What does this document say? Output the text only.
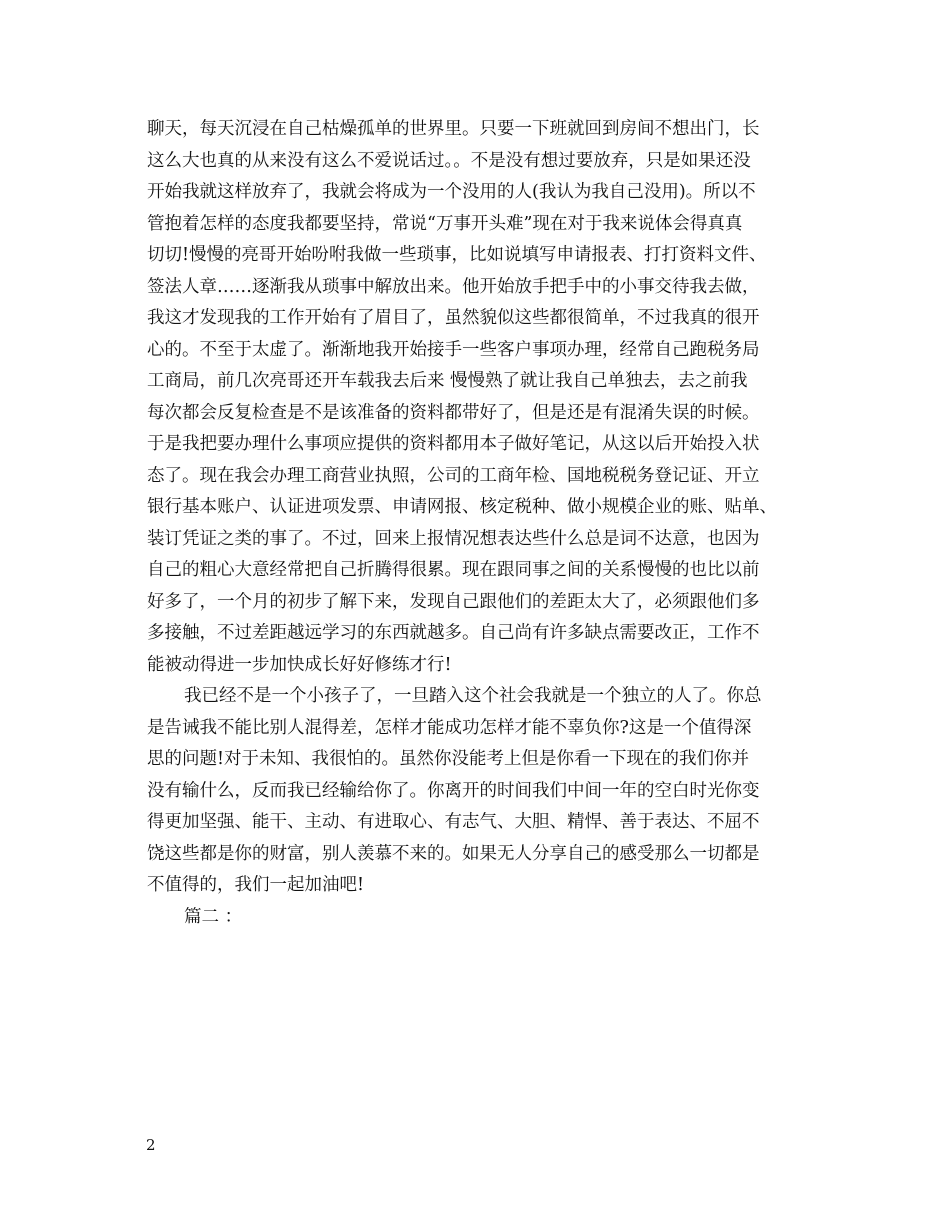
聊天，每天沉浸在自己枯燥孤单的世界里。只要一下班就回到房间不想出门，长
这么大也真的从来没有这么不爱说话过。。不是没有想过要放弃，只是如果还没
开始我就这样放弃了，我就会将成为一个没用的人(我认为我自己没用)。所以不
管抱着怎样的态度我都要坚持，常说“万事开头难”现在对于我来说体会得真真
切切!慢慢的亮哥开始吩咐我做一些琐事，比如说填写申请报表、打打资料文件、
签法人章……逐渐我从琐事中解放出来。他开始放手把手中的小事交待我去做，
我这才发现我的工作开始有了眉目了，虽然貌似这些都很简单，不过我真的很开
心的。不至于太虚了。渐渐地我开始接手一些客户事项办理，经常自己跑税务局
工商局，前几次亮哥还开车载我去后来 慢慢熟了就让我自己单独去，去之前我
每次都会反复检查是不是该准备的资料都带好了，但是还是有混淆失误的时候。
于是我把要办理什么事项应提供的资料都用本子做好笔记，从这以后开始投入状
态了。现在我会办理工商营业执照，公司的工商年检、国地税税务登记证、开立
银行基本账户、认证进项发票、申请网报、核定税种、做小规模企业的账、贴单、
装订凭证之类的事了。不过，回来上报情况想表达些什么总是词不达意，也因为
自己的粗心大意经常把自己折腾得很累。现在跟同事之间的关系慢慢的也比以前
好多了，一个月的初步了解下来，发现自己跟他们的差距太大了，必须跟他们多
多接触，不过差距越远学习的东西就越多。自己尚有许多缺点需要改正，工作不
能被动得进一步加快成长好好修练才行!
我已经不是一个小孩子了，一旦踏入这个社会我就是一个独立的人了。你总
是告诫我不能比别人混得差，怎样才能成功怎样才能不辜负你?这是一个值得深
思的问题!对于未知、我很怕的。虽然你没能考上但是你看一下现在的我们你并
没有输什么，反而我已经输给你了。你离开的时间我们中间一年的空白时光你变
得更加坚强、能干、主动、有进取心、有志气、大胆、精悍、善于表达、不屈不
饶这些都是你的财富，别人羡慕不来的。如果无人分享自己的感受那么一切都是
不值得的，我们一起加油吧!
篇二 ：
2
